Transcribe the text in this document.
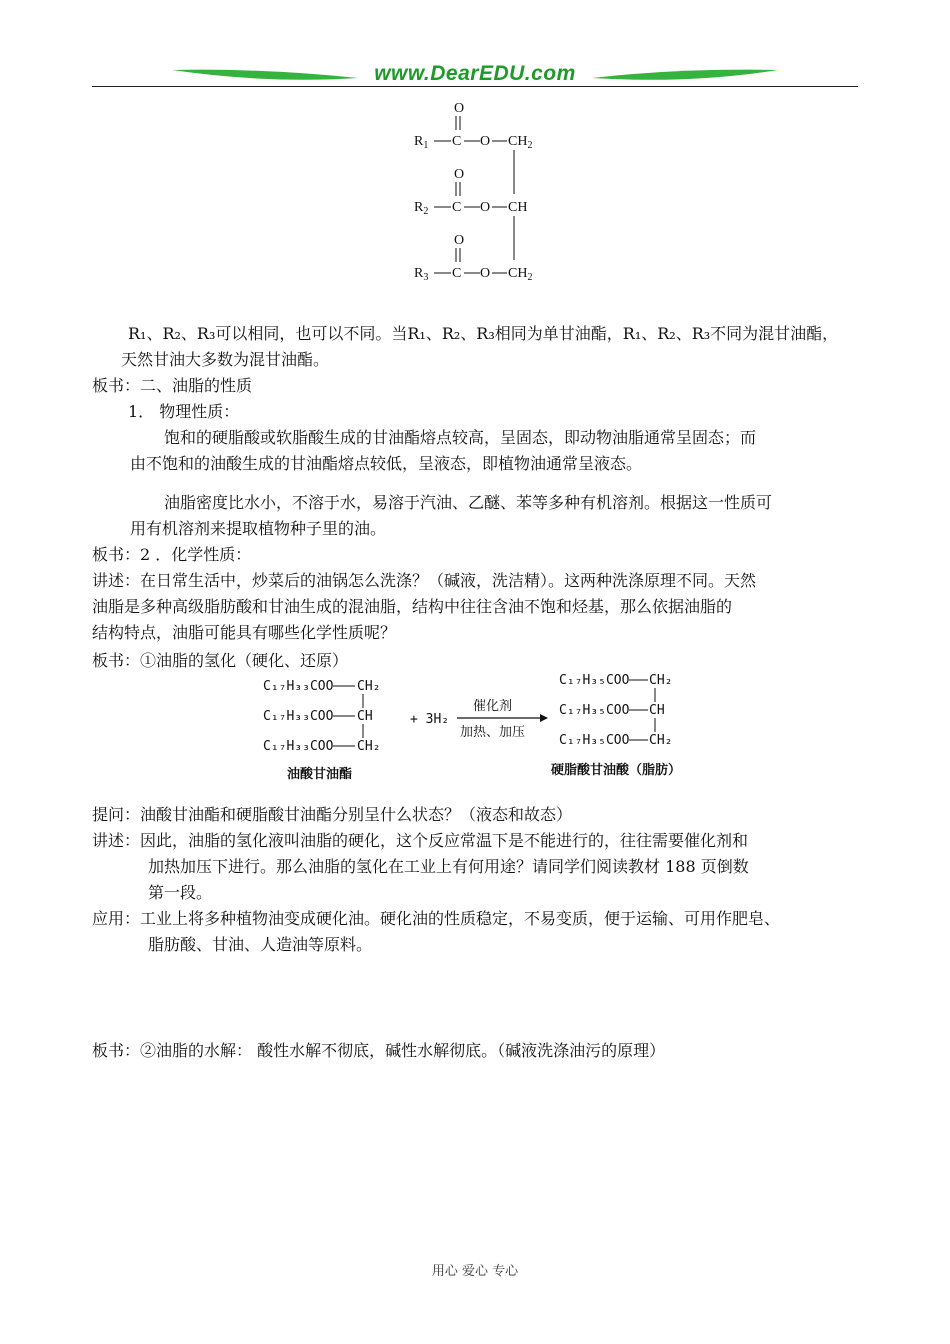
www.DearEDU.com
O
$R_1$ C O $CH_2$
O
$R_2$ C O CH
O
$R_3$ C O $CH_2$
R₁、R₂、R₃可以相同，也可以不同。当R₁、R₂、R₃相同为单甘油酯，R₁、R₂、R₃不同为混甘油酯，
天然甘油大多数为混甘油酯。
板书：二、油脂的性质
1． 物理性质：
饱和的硬脂酸或软脂酸生成的甘油酯熔点较高，呈固态，即动物油脂通常呈固态；而
由不饱和的油酸生成的甘油酯熔点较低，呈液态，即植物油通常呈液态。
油脂密度比水小，不溶于水，易溶于汽油、乙醚、苯等多种有机溶剂。根据这一性质可
用有机溶剂来提取植物种子里的油。
板书：2 ．化学性质：
讲述：在日常生活中，炒菜后的油锅怎么洗涤？（碱液，洗洁精）。这两种洗涤原理不同。天然
油脂是多种高级脂肪酸和甘油生成的混油脂，结构中往往含油不饱和烃基，那么依据油脂的
结构特点，油脂可能具有哪些化学性质呢？
板书：①油脂的氢化（硬化、还原）
C₁₇H₃₃COO CH₂
C₁₇H₃₃COO CH
C₁₇H₃₃COO CH₂
油酸甘油酯
+ 3H₂
催化剂
加热、加压
C₁₇H₃₅COO CH₂
C₁₇H₃₅COO CH
C₁₇H₃₅COO CH₂
硬脂酸甘油酸（脂肪）
提问：油酸甘油酯和硬脂酸甘油酯分别呈什么状态？（液态和故态）
讲述：因此，油脂的氢化液叫油脂的硬化，这个反应常温下是不能进行的，往往需要催化剂和
加热加压下进行。那么油脂的氢化在工业上有何用途？请同学们阅读教材 188 页倒数
第一段。
应用：工业上将多种植物油变成硬化油。硬化油的性质稳定，不易变质，便于运输、可用作肥皂、
脂肪酸、甘油、人造油等原料。
板书：②油脂的水解： 酸性水解不彻底，碱性水解彻底。（碱液洗涤油污的原理）
用心 爱心 专心
